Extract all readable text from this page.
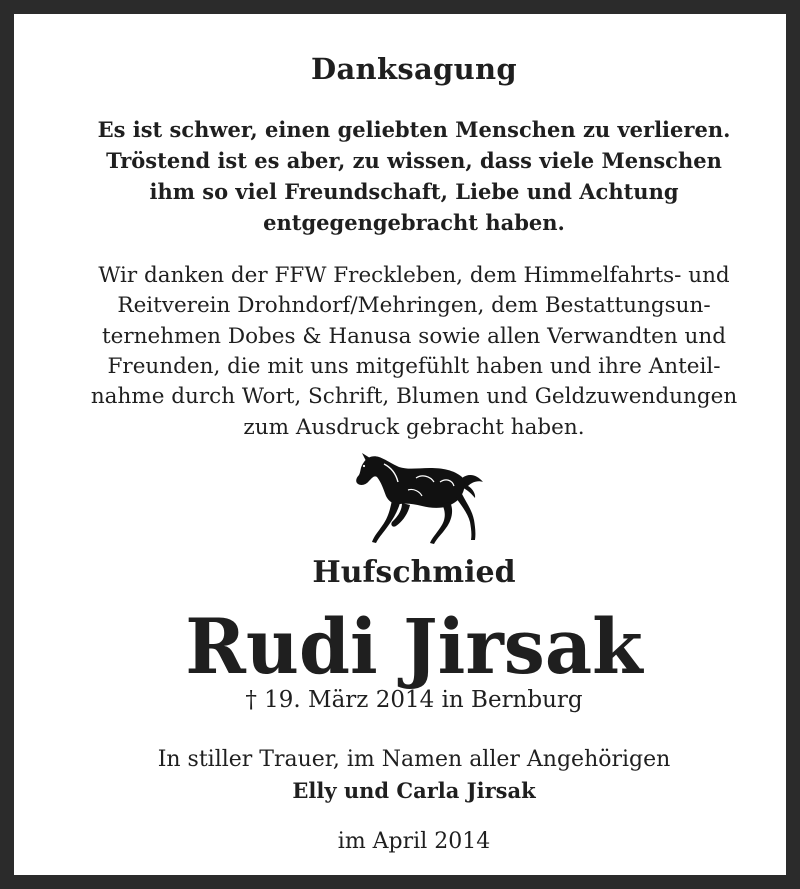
Danksagung
Es ist schwer, einen geliebten Menschen zu verlieren.
Tröstend ist es aber, zu wissen, dass viele Menschen
ihm so viel Freundschaft, Liebe und Achtung
entgegengebracht haben.
Wir danken der FFW Freckleben, dem Himmelfahrts- und
Reitverein Drohndorf/Mehringen, dem Bestattungsun-
ternehmen Dobes & Hanusa sowie allen Verwandten und
Freunden, die mit uns mitgefühlt haben und ihre Anteil-
nahme durch Wort, Schrift, Blumen und Geldzuwendungen
zum Ausdruck gebracht haben.
Hufschmied
Rudi Jirsak
† 19. März 2014 in Bernburg
In stiller Trauer, im Namen aller Angehörigen
Elly und Carla Jirsak
im April 2014
